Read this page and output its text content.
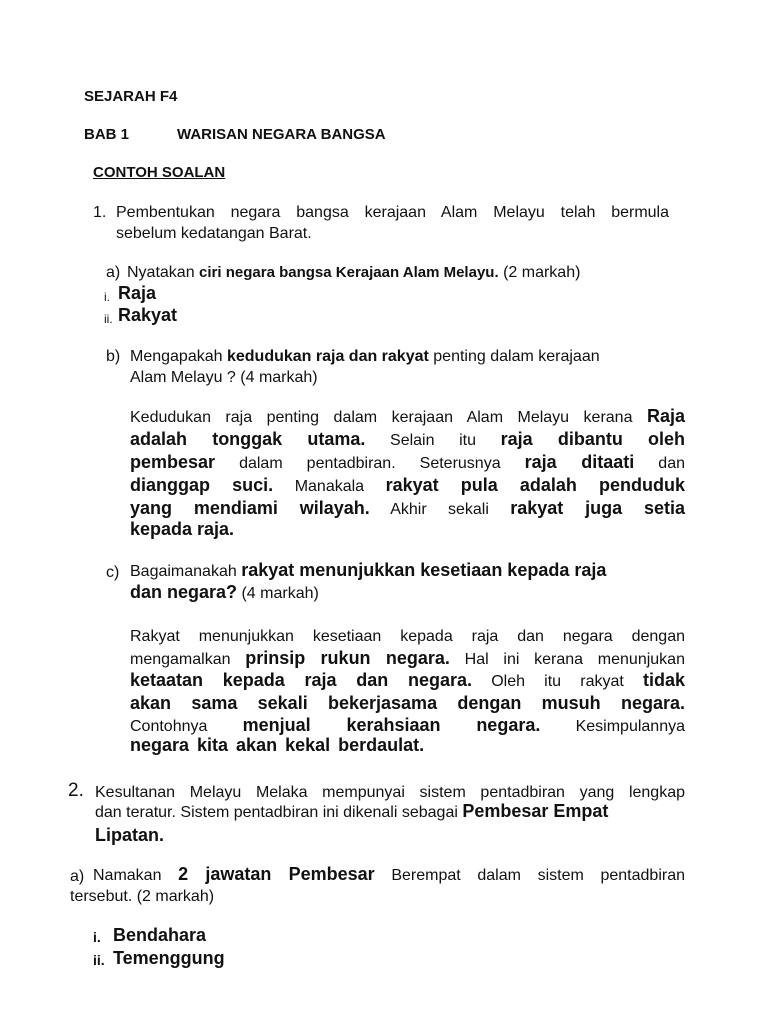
SEJARAH F4
BAB 1	WARISAN NEGARA BANGSA
CONTOH SOALAN
1. Pembentukan negara bangsa kerajaan Alam Melayu telah bermula
sebelum kedatangan Barat.
a) Nyatakan ciri negara bangsa Kerajaan Alam Melayu. (2 markah)
i. Raja
ii. Rakyat
b) Mengapakah kedudukan raja dan rakyat penting dalam kerajaan
Alam Melayu ? (4 markah)
Kedudukan raja penting dalam kerajaan Alam Melayu kerana Raja
adalah tonggak utama. Selain itu raja dibantu oleh
pembesar dalam pentadbiran. Seterusnya raja ditaati dan
dianggap suci. Manakala rakyat pula adalah penduduk
yang mendiami wilayah. Akhir sekali rakyat juga setia
kepada raja.
c) Bagaimanakah rakyat menunjukkan kesetiaan kepada raja
dan negara? (4 markah)
Rakyat menunjukkan kesetiaan kepada raja dan negara dengan
mengamalkan prinsip rukun negara. Hal ini kerana menunjukan
ketaatan kepada raja dan negara. Oleh itu rakyat tidak
akan sama sekali bekerjasama dengan musuh negara.
Contohnya menjual kerahsiaan negara. Kesimpulannya
negara kita akan kekal berdaulat.
2. Kesultanan Melayu Melaka mempunyai sistem pentadbiran yang lengkap
dan teratur. Sistem pentadbiran ini dikenali sebagai Pembesar Empat
Lipatan.
a) Namakan 2 jawatan Pembesar Berempat dalam sistem pentadbiran
tersebut. (2 markah)
i. Bendahara
ii. Temenggung
